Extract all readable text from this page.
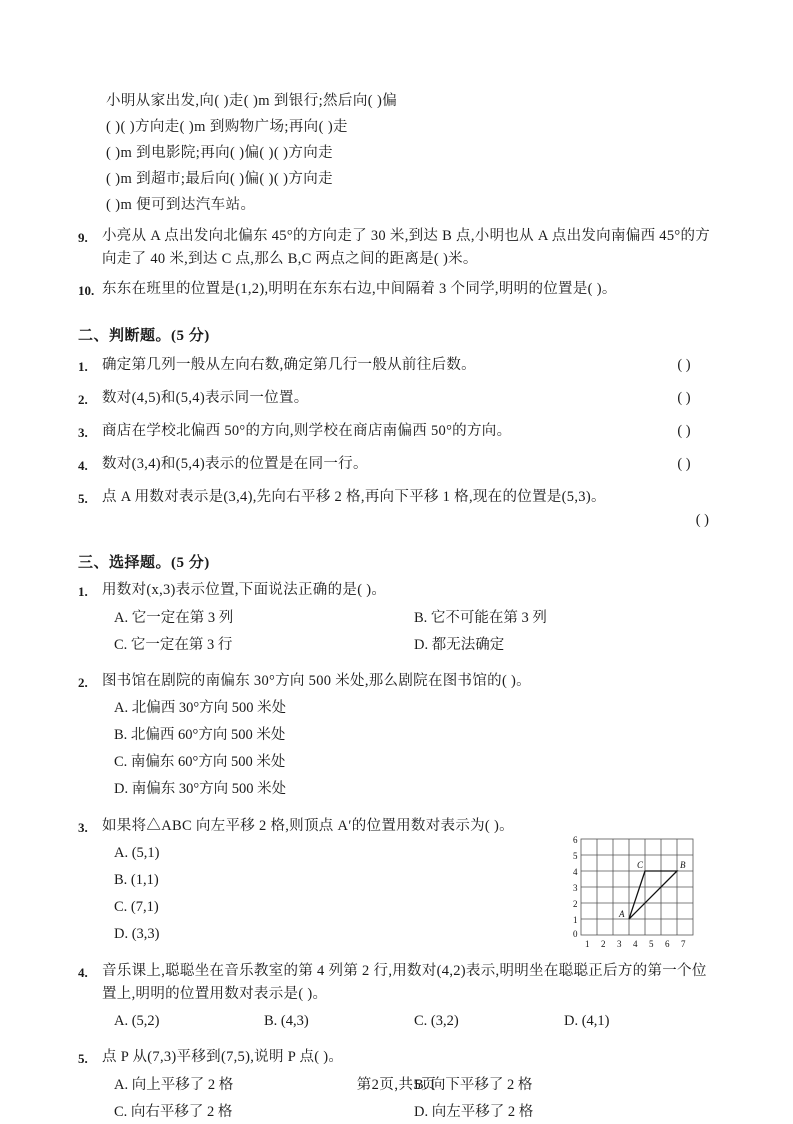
小明从家出发,向( )走( )m 到银行;然后向( )偏
( )( )方向走( )m 到购物广场;再向( )走
( )m 到电影院;再向( )偏( )( )方向走
( )m 到超市;最后向( )偏( )( )方向走
( )m 便可到达汽车站。
9. 小亮从 A 点出发向北偏东 45°的方向走了 30 米,到达 B 点,小明也从 A 点出发向南偏西 45°的方向走了 40 米,到达 C 点,那么 B,C 两点之间的距离是( )米。
10. 东东在班里的位置是(1,2),明明在东东右边,中间隔着 3 个同学,明明的位置是( )。
二、判断题。(5 分)
1. 确定第几列一般从左向右数,确定第几行一般从前往后数。	( )
2. 数对(4,5)和(5,4)表示同一位置。	( )
3. 商店在学校北偏西 50°的方向,则学校在商店南偏西 50°的方向。	( )
4. 数对(3,4)和(5,4)表示的位置是在同一行。	( )
5. 点 A 用数对表示是(3,4),先向右平移 2 格,再向下平移 1 格,现在的位置是(5,3)。
( )
三、选择题。(5 分)
1. 用数对(x,3)表示位置,下面说法正确的是( )。
A. 它一定在第 3 列	B. 它不可能在第 3 列
C. 它一定在第 3 行	D. 都无法确定
2. 图书馆在剧院的南偏东 30°方向 500 米处,那么剧院在图书馆的( )。
A. 北偏西 30°方向 500 米处
B. 北偏西 60°方向 500 米处
C. 南偏东 60°方向 500 米处
D. 南偏东 30°方向 500 米处
3. 如果将△ABC 向左平移 2 格,则顶点 A′的位置用数对表示为( )。
A. (5,1)
B. (1,1)
C. (7,1)
D. (3,3)
6
5
4
3
2
1
0
1 2 3 4 5 6 7
C	B
A
4. 音乐课上,聪聪坐在音乐教室的第 4 列第 2 行,用数对(4,2)表示,明明坐在聪聪正后方的第一个位置上,明明的位置用数对表示是( )。
A. (5,2)	B. (4,3)	C. (3,2)	D. (4,1)
5. 点 P 从(7,3)平移到(7,5),说明 P 点( )。
A. 向上平移了 2 格	B. 向下平移了 2 格
C. 向右平移了 2 格	D. 向左平移了 2 格
第2页,共5页
